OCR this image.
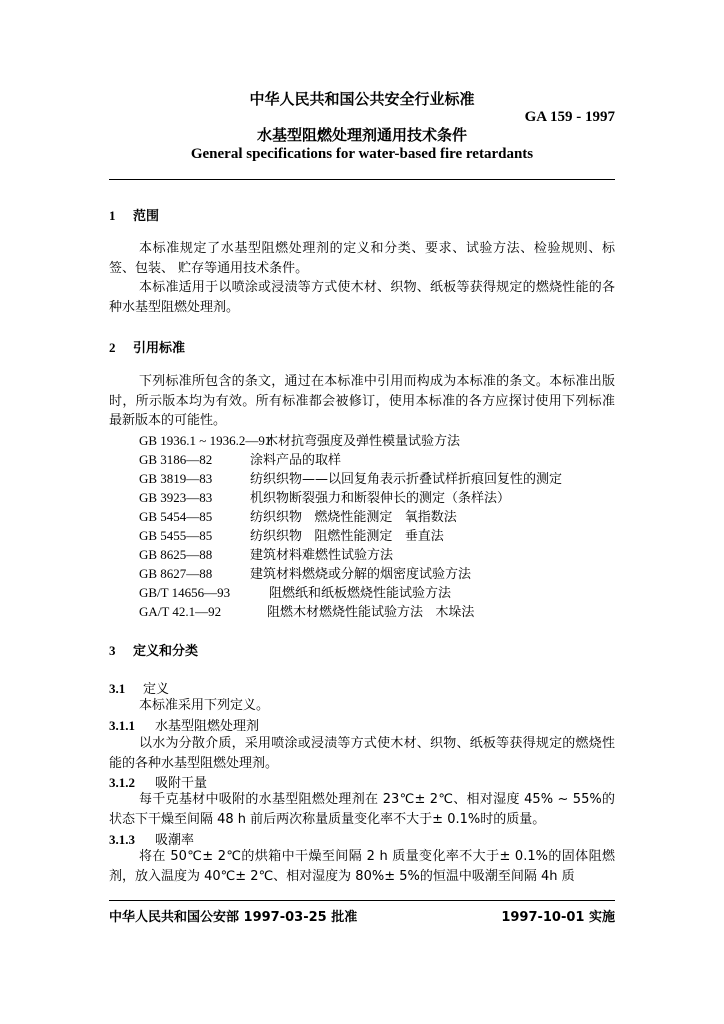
中华人民共和国公共安全行业标准
GA 159 - 1997
水基型阻燃处理剂通用技术条件
General specifications for water-based fire retardants
1 范围
本标准规定了水基型阻燃处理剂的定义和分类、要求、试验方法、检验规则、标签、包装、 贮存等通用技术条件。
本标准适用于以喷涂或浸渍等方式使木材、织物、纸板等获得规定的燃烧性能的各种水基型阻燃处理剂。
2 引用标准
下列标准所包含的条文，通过在本标准中引用而构成为本标准的条文。本标准出版时，所示版本均为有效。所有标准都会被修订，使用本标准的各方应探讨使用下列标准最新版本的可能性。
GB 1936.1 ~ 1936.2—91木材抗弯强度及弹性模量试验方法
GB 3186—82	涂料产品的取样
GB 3819—83	纺织织物——以回复角表示折叠试样折痕回复性的测定
GB 3923—83	机织物断裂强力和断裂伸长的测定（条样法）
GB 5454—85	纺织织物   燃烧性能测定   氧指数法
GB 5455—85	纺织织物   阻燃性能测定   垂直法
GB 8625—88	建筑材料难燃性试验方法
GB 8627—88	建筑材料燃烧或分解的烟密度试验方法
GB/T 14656—93	阻燃纸和纸板燃烧性能试验方法
GA/T 42.1—92	阻燃木材燃烧性能试验方法   木垛法
3 定义和分类
3.1 定义
本标准采用下列定义。
3.1.1 水基型阻燃处理剂
以水为分散介质，采用喷涂或浸渍等方式使木材、织物、纸板等获得规定的燃烧性能的各种水基型阻燃处理剂。
3.1.2 吸附干量
每千克基材中吸附的水基型阻燃处理剂在 23℃± 2℃、相对湿度 45% ~ 55%的状态下干燥至间隔 48 h 前后两次称量质量变化率不大于± 0.1%时的质量。
3.1.3 吸潮率
将在 50℃± 2℃的烘箱中干燥至间隔 2 h 质量变化率不大于± 0.1%的固体阻燃剂，放入温度为 40℃± 2℃、相对湿度为 80%± 5%的恒温中吸潮至间隔 4h 质
中华人民共和国公安部 1997-03-25 批准	1997-10-01 实施
